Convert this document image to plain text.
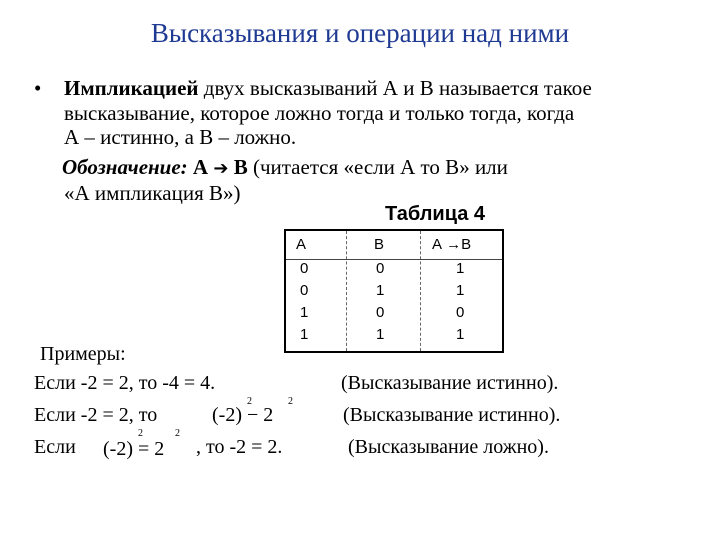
Высказывания и операции над ними
• Импликацией двух высказываний А и В называется такое
высказывание, которое ложно тогда и только тогда, когда
А – истинно, а В – ложно.
Обозначение: А ➔ В (читается «если А то В» или
«А импликация В»)
Таблица 4
А	В	А →В
0	0	1
0	1	1
1	0	0
1	1	1
Примеры:
Если -2 = 2, то -4 = 4.	(Высказывание истинно).
Если -2 = 2, то	(-2) − 2
2	2
(Высказывание истинно).
Если (-2) = 2
2	2
, то -2 = 2.	(Высказывание ложно).
